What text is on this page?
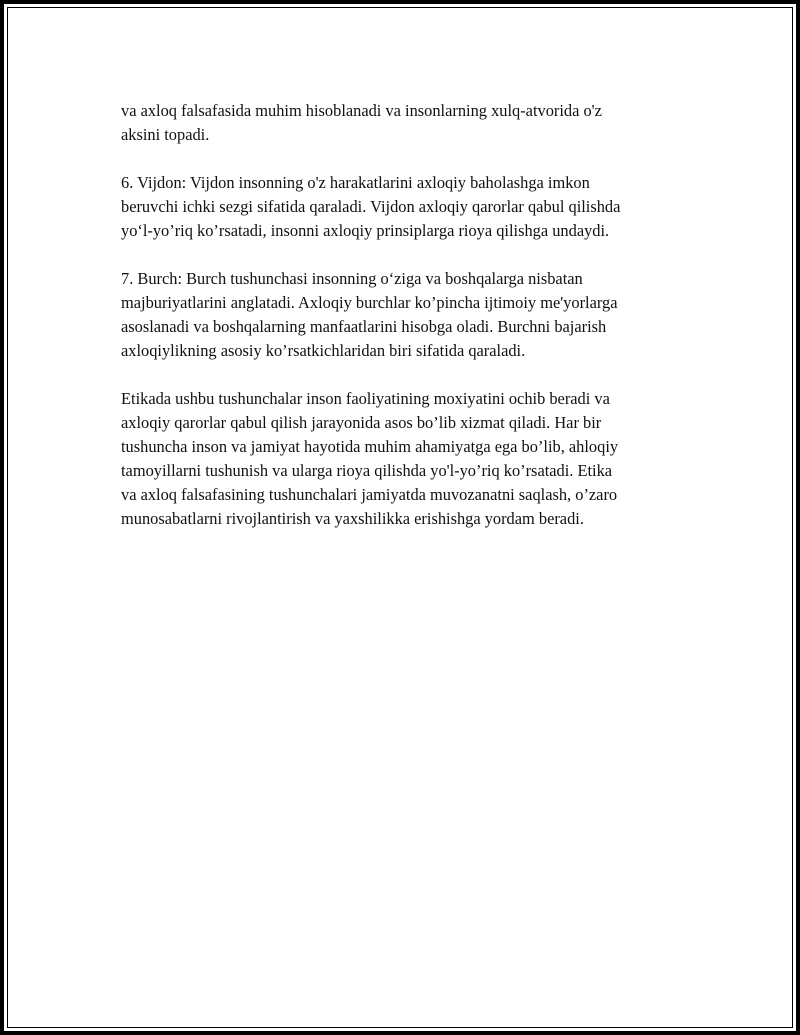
va axloq falsafasida muhim hisoblanadi va insonlarning xulq-atvorida o'z
aksini topadi.
6. Vijdon: Vijdon insonning o'z harakatlarini axloqiy baholashga imkon
beruvchi ichki sezgi sifatida qaraladi. Vijdon axloqiy qarorlar qabul qilishda
yo‘l-yo’riq ko’rsatadi, insonni axloqiy prinsiplarga rioya qilishga undaydi.
7. Burch: Burch tushunchasi insonning o‘ziga va boshqalarga nisbatan
majburiyatlarini anglatadi. Axloqiy burchlar ko’pincha ijtimoiy me'yorlarga
asoslanadi va boshqalarning manfaatlarini hisobga oladi. Burchni bajarish
axloqiylikning asosiy ko’rsatkichlaridan biri sifatida qaraladi.
Etikada ushbu tushunchalar inson faoliyatining moxiyatini ochib beradi va
axloqiy qarorlar qabul qilish jarayonida asos bo’lib xizmat qiladi. Har bir
tushuncha inson va jamiyat hayotida muhim ahamiyatga ega bo’lib, ahloqiy
tamoyillarni tushunish va ularga rioya qilishda yo'l-yo’riq ko’rsatadi. Etika
va axloq falsafasining tushunchalari jamiyatda muvozanatni saqlash, o’zaro
munosabatlarni rivojlantirish va yaxshilikka erishishga yordam beradi.
